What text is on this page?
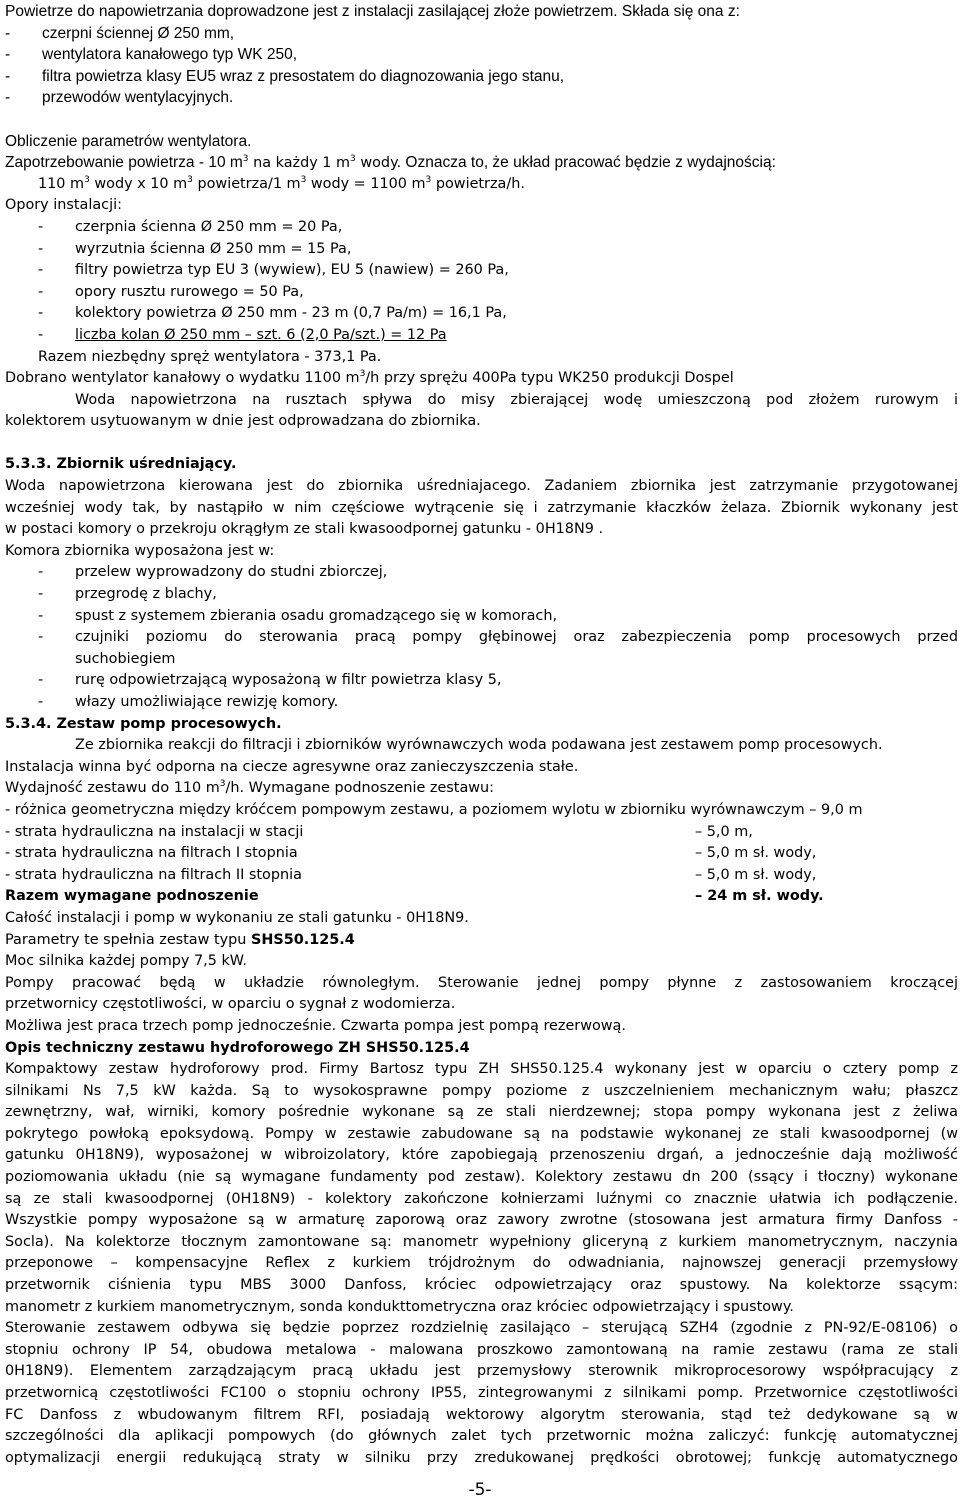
Powietrze do napowietrzania doprowadzone jest z instalacji zasilającej złoże powietrzem. Składa się ona z:
- czerpni ściennej Ø 250 mm,
- wentylatora kanałowego typ WK 250,
- filtra powietrza klasy EU5 wraz z presostatem do diagnozowania jego stanu,
- przewodów wentylacyjnych.
Obliczenie parametrów wentylatora.
Zapotrzebowanie powietrza - 10 $m^3$ na każdy 1 $m^3$ wody. Oznacza to, że układ pracować będzie z wydajnością:
110 $m^3$ wody x 10 $m^3$ powietrza/1 $m^3$ wody = 1100 $m^3$ powietrza/h.
Opory instalacji:
- czerpnia ścienna Ø 250 mm = 20 Pa,
- wyrzutnia ścienna Ø 250 mm = 15 Pa,
- filtry powietrza typ EU 3 (wywiew), EU 5 (nawiew) = 260 Pa,
- opory rusztu rurowego = 50 Pa,
- kolektory powietrza Ø 250 mm - 23 m (0,7 Pa/m) = 16,1 Pa,
- liczba kolan Ø 250 mm – szt. 6 (2,0 Pa/szt.) = 12 Pa
Razem niezbędny spręż wentylatora - 373,1 Pa.
Dobrano wentylator kanałowy o wydatku 1100 $m^3/h$ przy sprężu 400Pa typu WK250 produkcji Dospel
Woda napowietrzona na rusztach spływa do misy zbierającej wodę umieszczoną pod złożem rurowym i
kolektorem usytuowanym w dnie jest odprowadzana do zbiornika.
5.3.3. Zbiornik uśredniający.
Woda napowietrzona kierowana jest do zbiornika uśredniajacego. Zadaniem zbiornika jest zatrzymanie przygotowanej
wcześniej wody tak, by nastąpiło w nim częściowe wytrącenie się i zatrzymanie kłaczków żelaza. Zbiornik wykonany jest
w postaci komory o przekroju okrągłym ze stali kwasoodpornej gatunku - 0H18N9 .
Komora zbiornika wyposażona jest w:
- przelew wyprowadzony do studni zbiorczej,
- przegrodę z blachy,
- spust z systemem zbierania osadu gromadzącego się w komorach,
-	czujniki poziomu do sterowania pracą pompy głębinowej oraz zabezpieczenia pomp procesowych przed
suchobiegiem
- rurę odpowietrzającą wyposażoną w filtr powietrza klasy 5,
- włazy umożliwiające rewizję komory.
5.3.4. Zestaw pomp procesowych.
Ze zbiornika reakcji do filtracji i zbiorników wyrównawczych woda podawana jest zestawem pomp procesowych.
Instalacja winna być odporna na ciecze agresywne oraz zanieczyszczenia stałe.
Wydajność zestawu do 110 $m^3/h$. Wymagane podnoszenie zestawu:
- różnica geometryczna między króćcem pompowym zestawu, a poziomem wylotu w zbiorniku wyrównawczym – 9,0 m
- strata hydrauliczna na instalacji w stacji	– 5,0 m,
- strata hydrauliczna na filtrach I stopnia	– 5,0 m sł. wody,
- strata hydrauliczna na filtrach II stopnia	– 5,0 m sł. wody,
Razem wymagane podnoszenie	– 24 m sł. wody.
Całość instalacji i pomp w wykonaniu ze stali gatunku - 0H18N9.
Parametry te spełnia zestaw typu SHS50.125.4
Moc silnika każdej pompy 7,5 kW.
Pompy pracować będą w układzie równoległym. Sterowanie jednej pompy płynne z zastosowaniem kroczącej
przetwornicy częstotliwości, w oparciu o sygnał z wodomierza.
Możliwa jest praca trzech pomp jednocześnie. Czwarta pompa jest pompą rezerwową.
Opis techniczny zestawu hydroforowego ZH SHS50.125.4
Kompaktowy zestaw hydroforowy prod. Firmy Bartosz typu ZH SHS50.125.4 wykonany jest w oparciu o cztery pomp z
silnikami Ns 7,5 kW każda. Są to wysokosprawne pompy poziome z uszczelnieniem mechanicznym wału; płaszcz
zewnętrzny, wał, wirniki, komory pośrednie wykonane są ze stali nierdzewnej; stopa pompy wykonana jest z żeliwa
pokrytego powłoką epoksydową. Pompy w zestawie zabudowane są na podstawie wykonanej ze stali kwasoodpornej (w
gatunku 0H18N9), wyposażonej w wibroizolatory, które zapobiegają przenoszeniu drgań, a jednocześnie dają możliwość
poziomowania układu (nie są wymagane fundamenty pod zestaw). Kolektory zestawu dn 200 (ssący i tłoczny) wykonane
są ze stali kwasoodpornej (0H18N9) - kolektory zakończone kołnierzami luźnymi co znacznie ułatwia ich podłączenie.
Wszystkie pompy wyposażone są w armaturę zaporową oraz zawory zwrotne (stosowana jest armatura firmy Danfoss -
Socla). Na kolektorze tłocznym zamontowane są: manometr wypełniony gliceryną z kurkiem manometrycznym, naczynia
przeponowe – kompensacyjne Reflex z kurkiem trójdrożnym do odwadniania, najnowszej generacji przemysłowy
przetwornik ciśnienia typu MBS 3000 Danfoss, króciec odpowietrzający oraz spustowy. Na kolektorze ssącym:
manometr z kurkiem manometrycznym, sonda kondukttometryczna oraz króciec odpowietrzający i spustowy.
Sterowanie zestawem odbywa się będzie poprzez rozdzielnię zasilająco – sterującą SZH4 (zgodnie z PN-92/E-08106) o
stopniu ochrony IP 54, obudowa metalowa - malowana proszkowo zamontowaną na ramie zestawu (rama ze stali
0H18N9). Elementem zarządzającym pracą układu jest przemysłowy sterownik mikroprocesorowy współpracujący z
przetwornicą częstotliwości FC100 o stopniu ochrony IP55, zintegrowanymi z silnikami pomp. Przetwornice częstotliwości
FC Danfoss z wbudowanym filtrem RFI, posiadają wektorowy algorytm sterowania, stąd też dedykowane są w
szczególności dla aplikacji pompowych (do głównych zalet tych przetwornic można zaliczyć: funkcję automatycznej
optymalizacji energii redukującą straty w silniku przy zredukowanej prędkości obrotowej; funkcję automatycznego
-5-
